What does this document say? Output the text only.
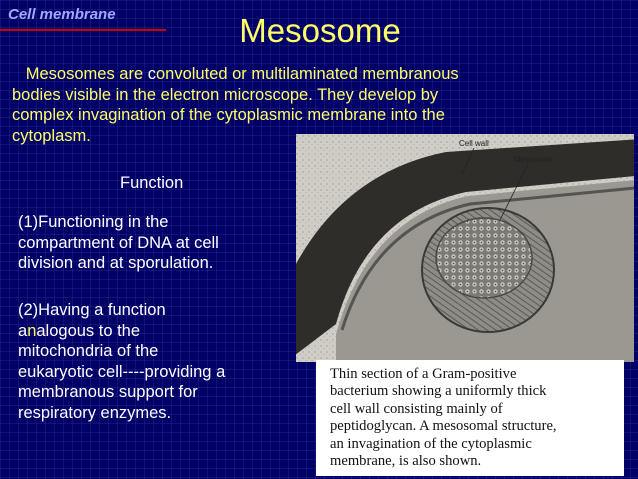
Cell membrane	Mesosome

Mesosomes are convoluted or multilaminated membranous
bodies visible in the electron microscope. They develop by
complex invagination of the cytoplasmic membrane into the
cytoplasm.

Function

(1)Functioning in the
compartment of DNA at cell
division and at sporulation.

(2)Having a function
analogous to the
mitochondria of the
eukaryotic cell----providing a
membranous support for
respiratory enzymes.

Cell wall
Mesosome
Thin section of a Gram-positive
bacterium showing a uniformly thick
cell wall consisting mainly of
peptidoglycan. A mesosomal structure,
an invagination of the cytoplasmic
membrane, is also shown.
